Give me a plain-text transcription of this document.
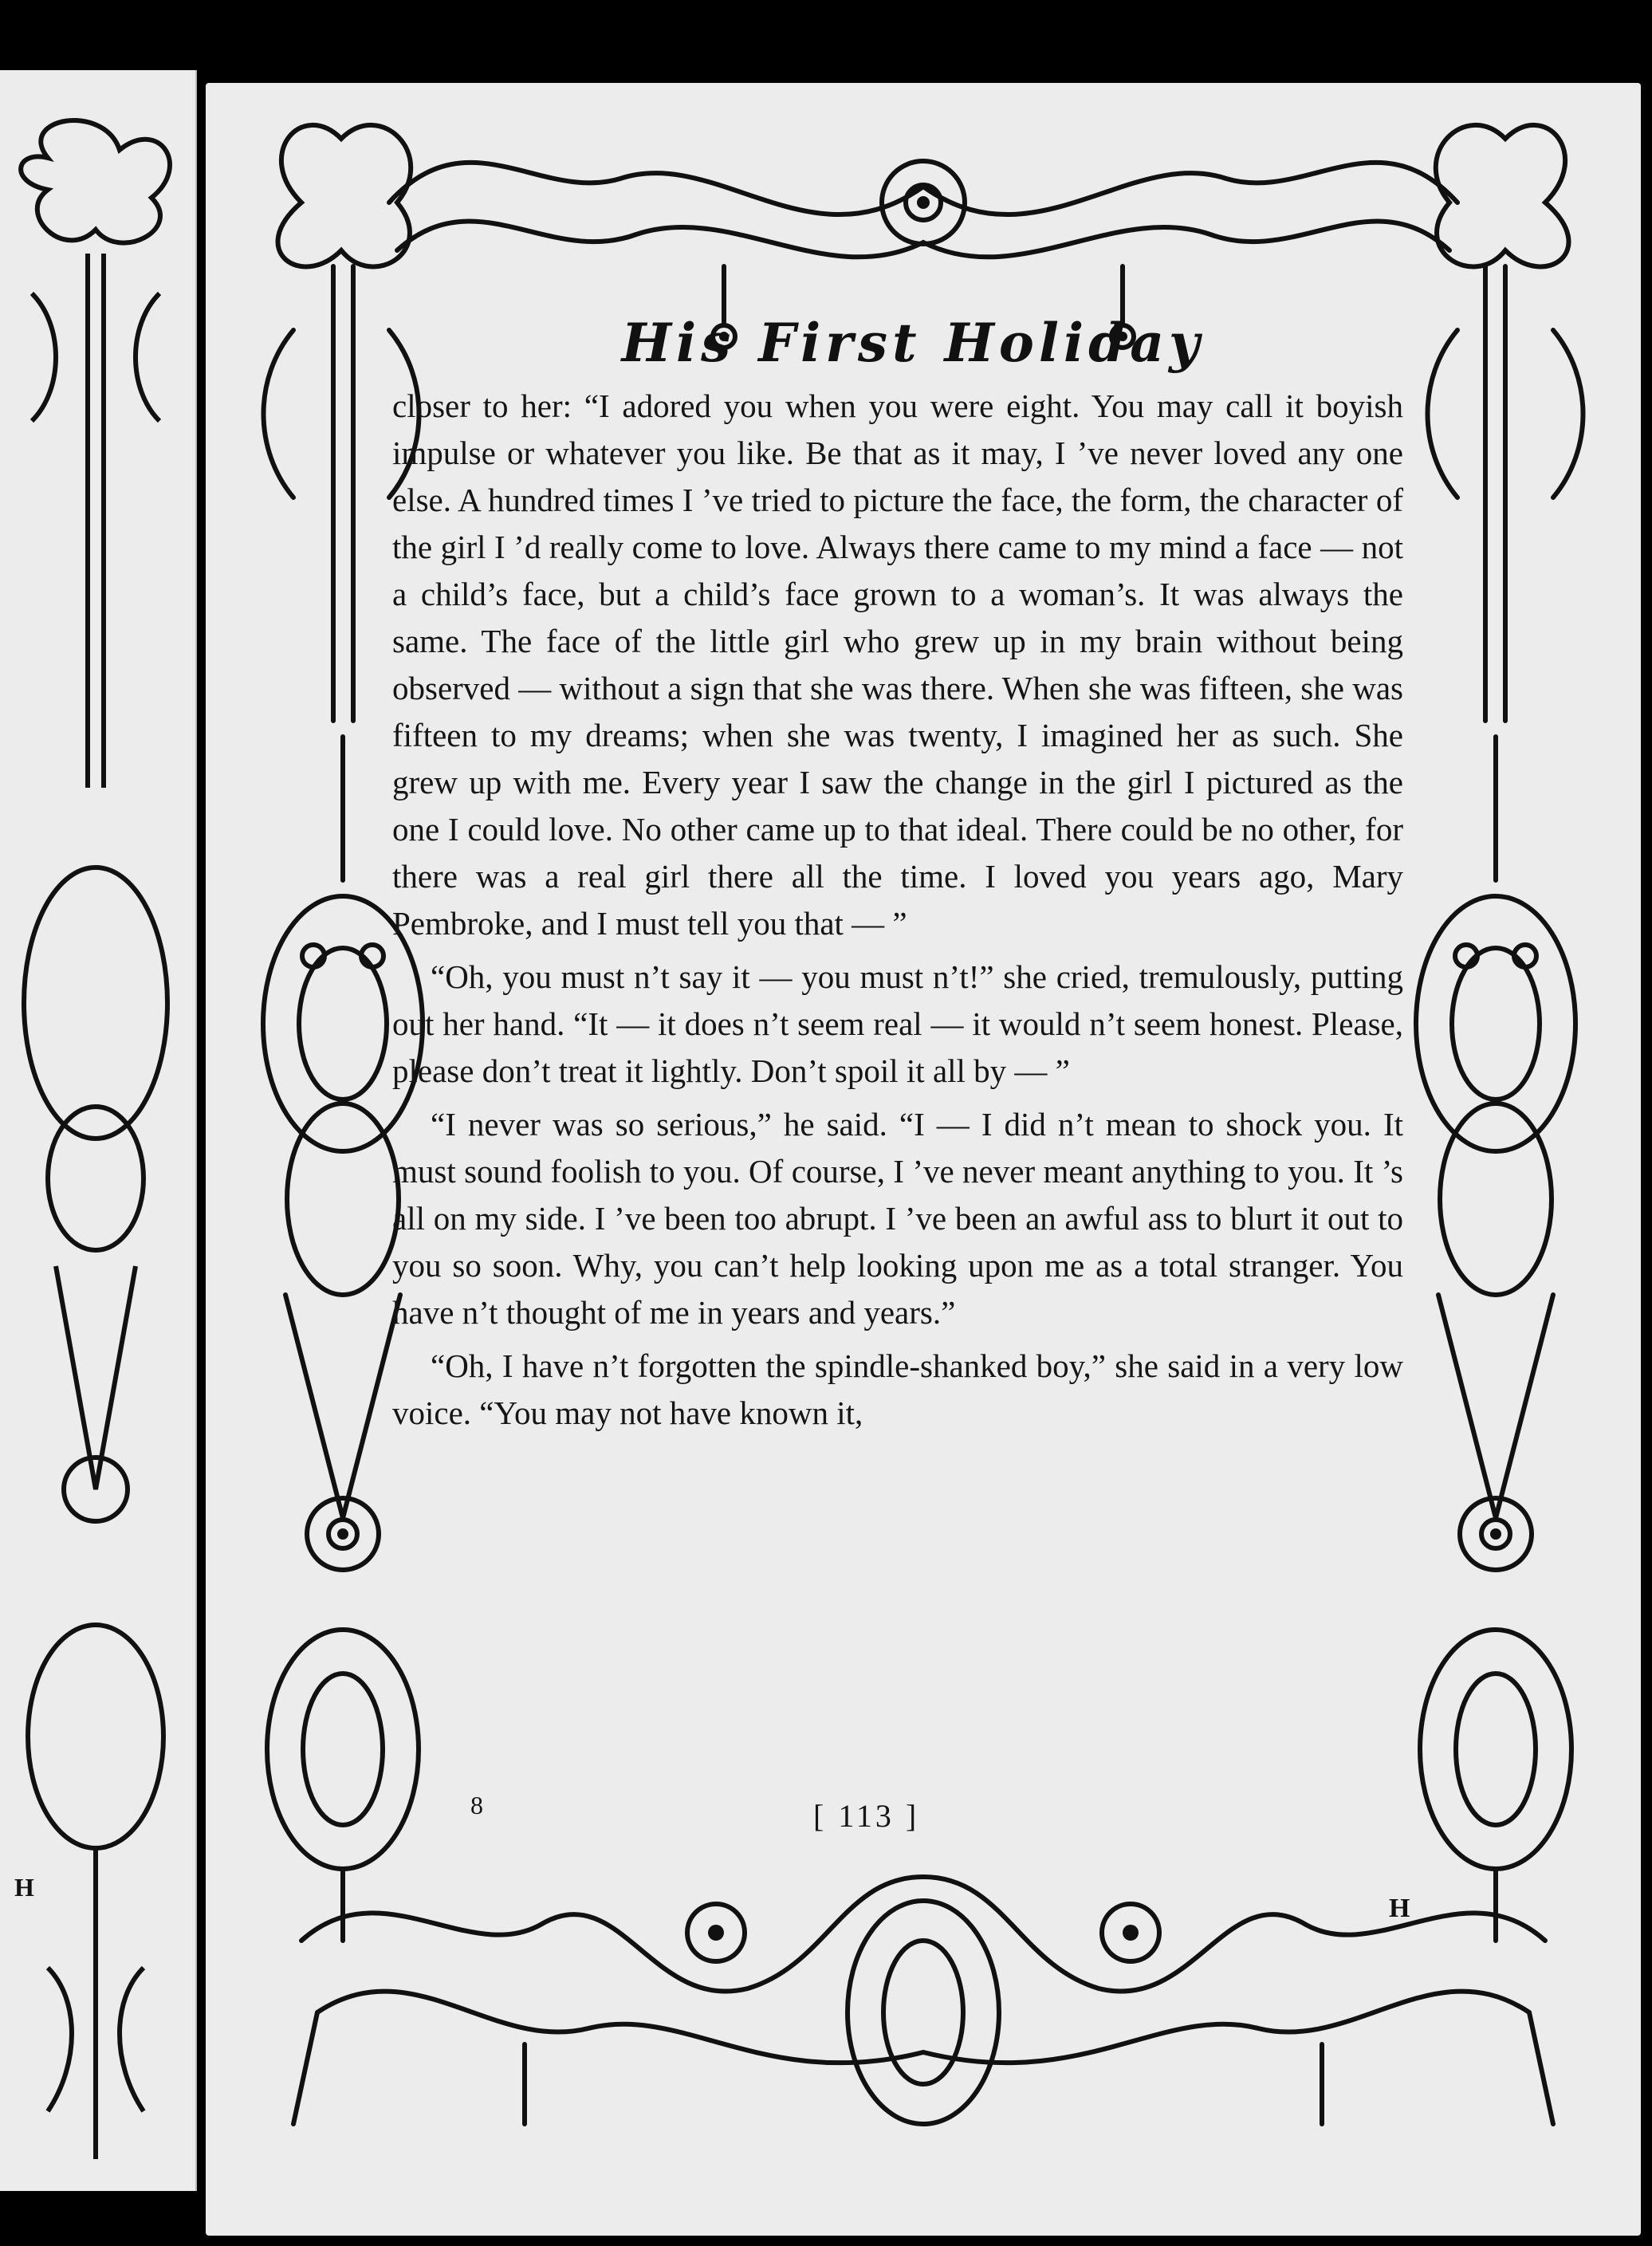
H
H
His First Holiday

closer to her: “I adored you when you were eight. You may call it boyish impulse or whatever you like. Be that as it may, I ’ve never loved any one else. A hundred times I ’ve tried to picture the face, the form, the character of the girl I ’d really come to love. Always there came to my mind a face — not a child’s face, but a child’s face grown to a woman’s. It was always the same. The face of the little girl who grew up in my brain without being observed — without a sign that she was there. When she was fifteen, she was fifteen to my dreams; when she was twenty, I imagined her as such. She grew up with me. Every year I saw the change in the girl I pictured as the one I could love. No other came up to that ideal. There could be no other, for there was a real girl there all the time. I loved you years ago, Mary Pembroke, and I must tell you that — ”

“Oh, you must n’t say it — you must n’t!” she cried, tremulously, putting out her hand. “It — it does n’t seem real — it would n’t seem honest. Please, please don’t treat it lightly. Don’t spoil it all by — ”

“I never was so serious,” he said. “I — I did n’t mean to shock you. It must sound foolish to you. Of course, I ’ve never meant anything to you. It ’s all on my side. I ’ve been too abrupt. I ’ve been an awful ass to blurt it out to you so soon. Why, you can’t help looking upon me as a total stranger. You have n’t thought of me in years and years.”

“Oh, I have n’t forgotten the spindle-shanked boy,” she said in a very low voice. “You may not have known it,

8	[ 113 ]
